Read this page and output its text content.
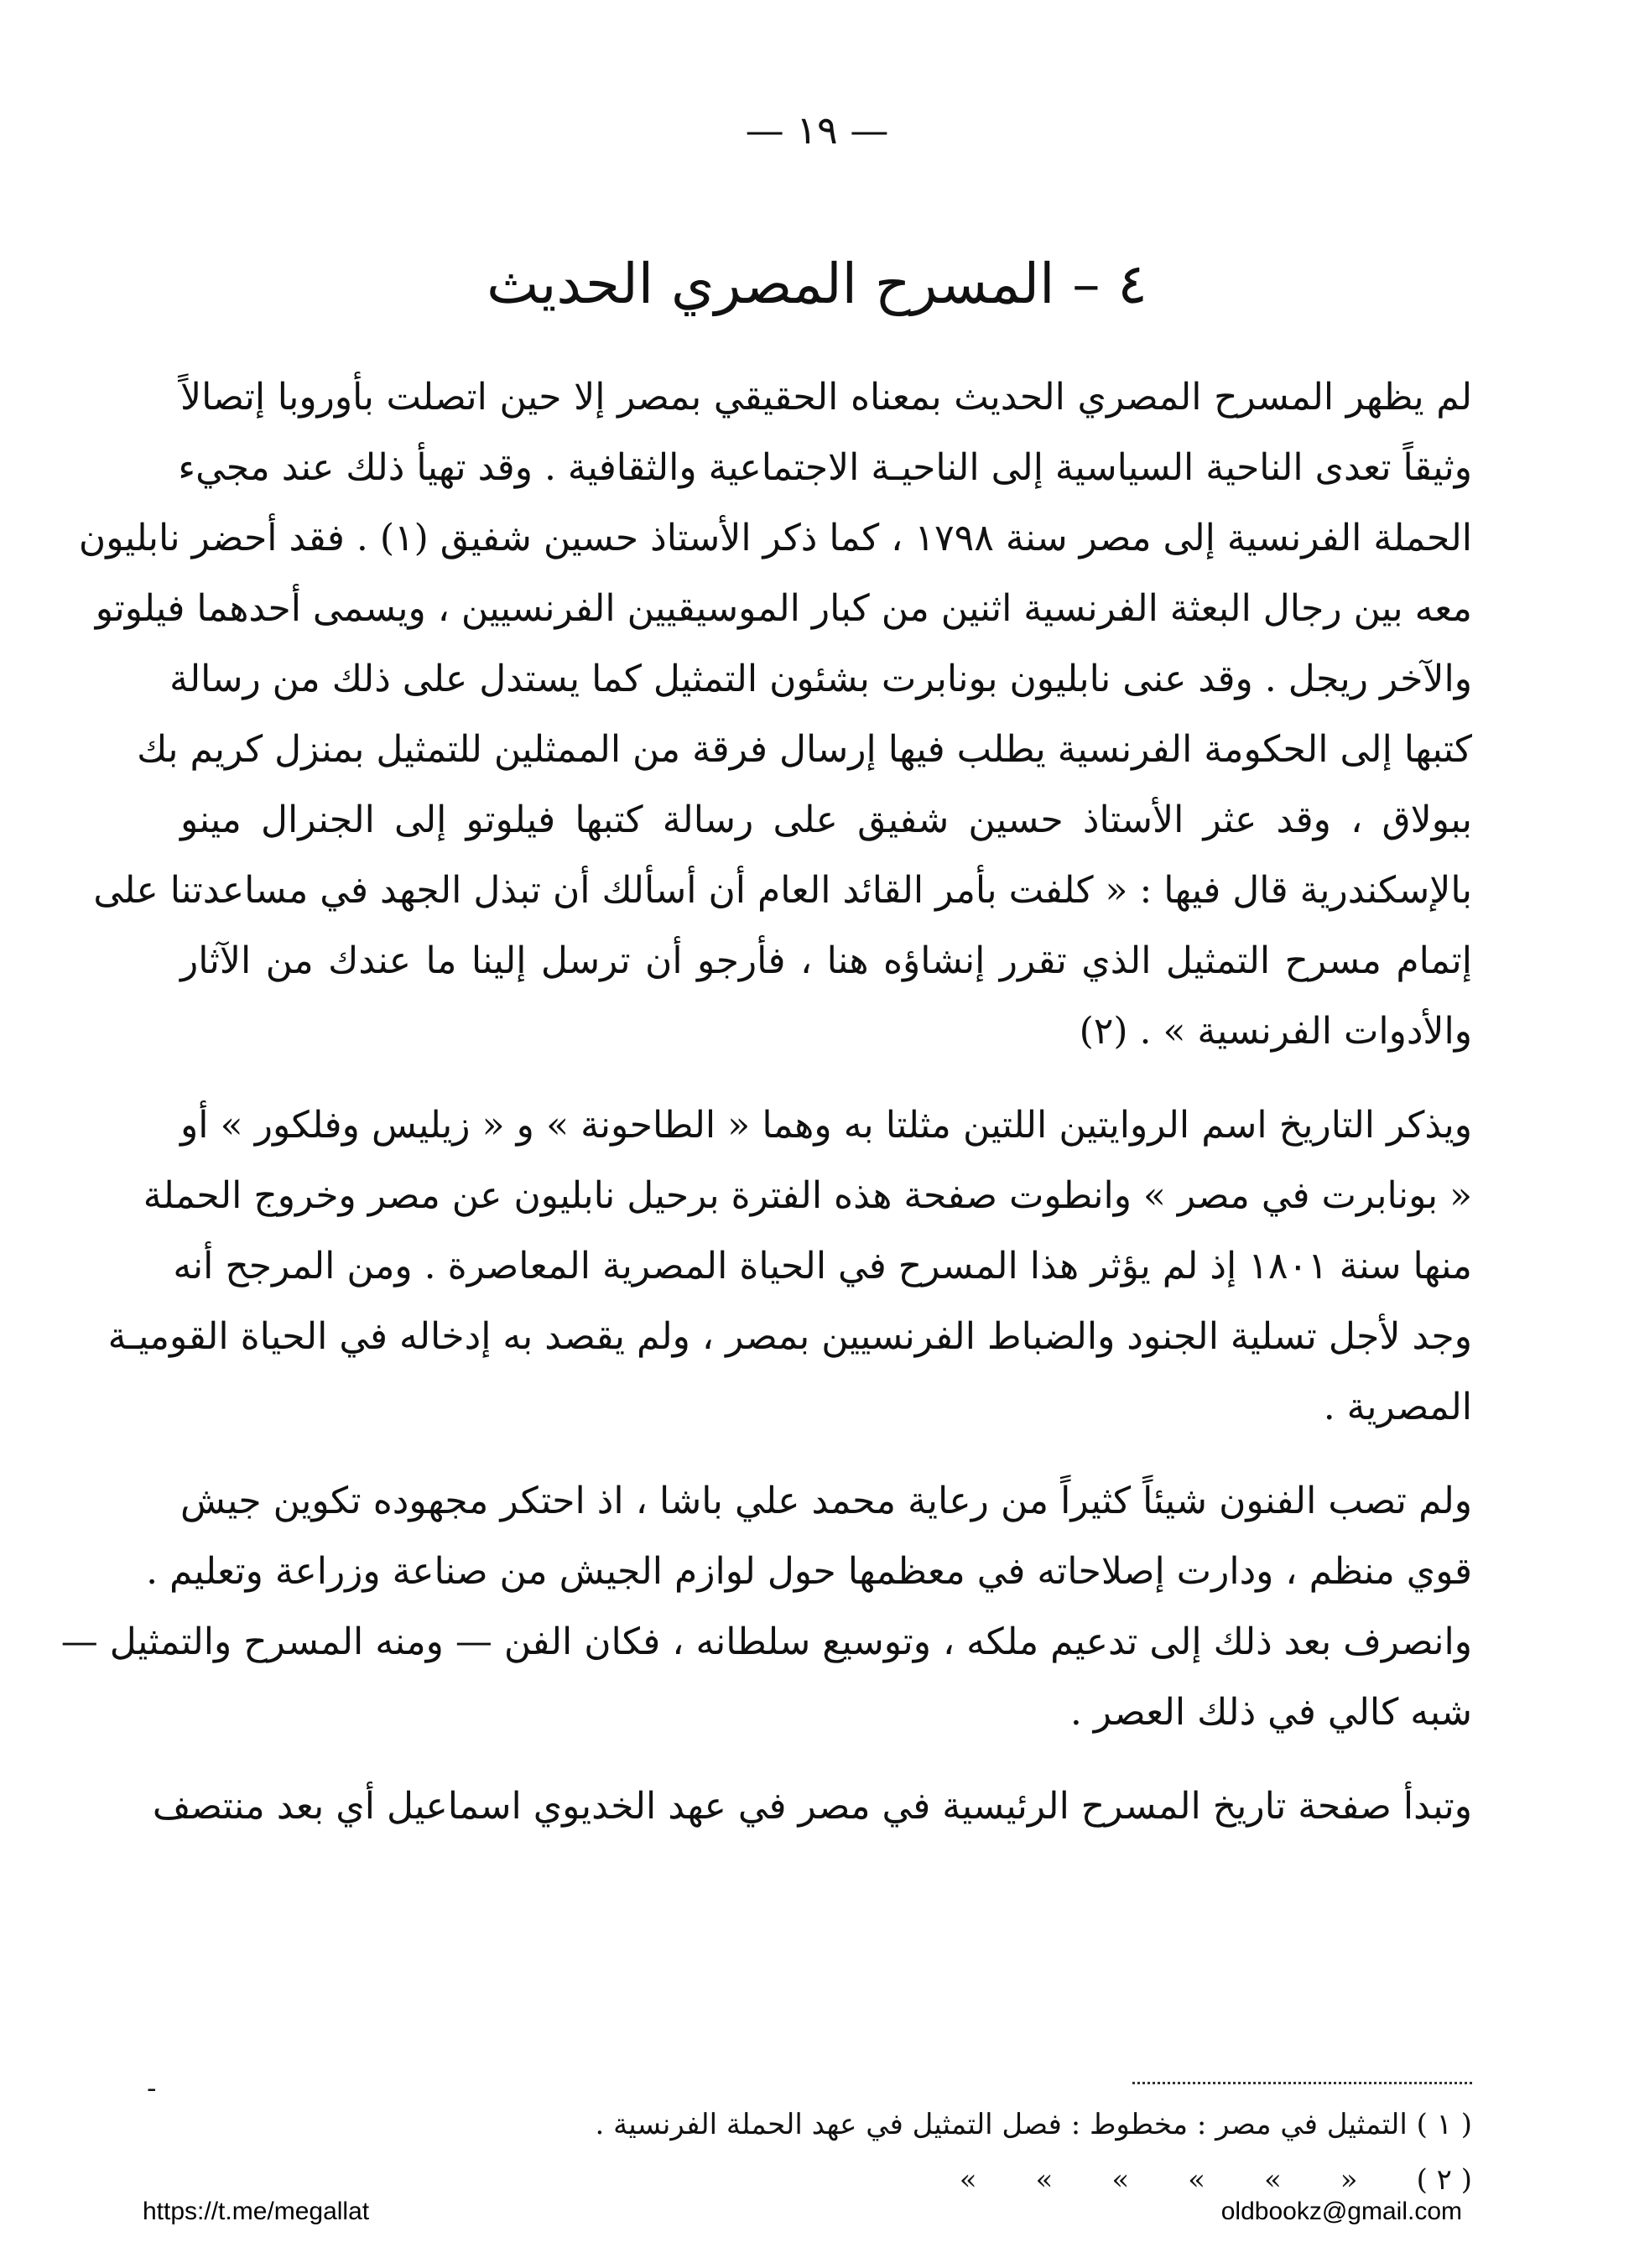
— ١٩ —
٤ – المسرح المصري الحديث

لم يظهر المسرح المصري الحديث بمعناه الحقيقي بمصر إلا حين اتصلت بأوروبا إتصالاً
وثيقاً تعدى الناحية السياسية إلى الناحيـة الاجتماعية والثقافية . وقد تهيأ ذلك عند مجيء
الحملة الفرنسية إلى مصر سنة ١٧٩٨ ، كما ذكر الأستاذ حسين شفيق (١) . فقد أحضر نابليون
معه بين رجال البعثة الفرنسية اثنين من كبار الموسيقيين الفرنسيين ، ويسمى أحدهما فيلوتو
والآخر ريجل . وقد عنى نابليون بونابرت بشئون التمثيل كما يستدل على ذلك من رسالة
كتبها إلى الحكومة الفرنسية يطلب فيها إرسال فرقة من الممثلين للتمثيل بمنزل كريم بك
ببولاق ، وقد عثر الأستاذ حسين شفيق على رسالة كتبها فيلوتو إلى الجنرال مينو
بالإسكندرية قال فيها : « كلفت بأمر القائد العام أن أسألك أن تبذل الجهد في مساعدتنا على
إتمام مسرح التمثيل الذي تقرر إنشاؤه هنا ، فأرجو أن ترسل إلينا ما عندك من الآثار
والأدوات الفرنسية » . (٢)

ويذكر التاريخ اسم الروايتين اللتين مثلتا به وهما « الطاحونة » و « زيليس وفلكور » أو
« بونابرت في مصر » وانطوت صفحة هذه الفترة برحيل نابليون عن مصر وخروج الحملة
منها سنة ١٨٠١ إذ لم يؤثر هذا المسرح في الحياة المصرية المعاصرة . ومن المرجح أنه
وجد لأجل تسلية الجنود والضباط الفرنسيين بمصر ، ولم يقصد به إدخاله في الحياة القوميـة
المصرية .

ولم تصب الفنون شيئاً كثيراً من رعاية محمد علي باشا ، اذ احتكر مجهوده تكوين جيش
قوي منظم ، ودارت إصلاحاته في معظمها حول لوازم الجيش من صناعة وزراعة وتعليم .
وانصرف بعد ذلك إلى تدعيم ملكه ، وتوسيع سلطانه ، فكان الفن — ومنه المسرح والتمثيل —
شبه كالي في ذلك العصر .

وتبدأ صفحة تاريخ المسرح الرئيسية في مصر في عهد الخديوي اسماعيل أي بعد منتصف

( ١ ) التمثيل في مصر : مخطوط : فصل التمثيل في عهد الحملة الفرنسية .
( ٢ )
«
»
»
»
»
»
-
https://t.me/megallat	oldbookz@gmail.com
